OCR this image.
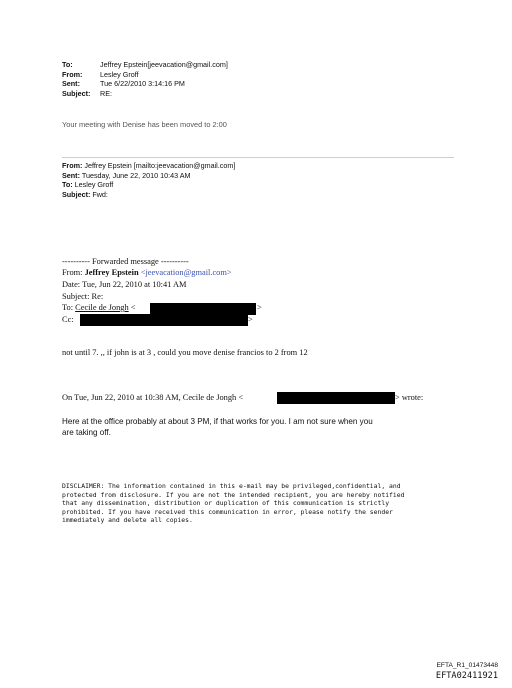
To:	Jeffrey Epstein[jeevacation@gmail.com]
From: Lesley Groff
Sent:	Tue 6/22/2010 3:14:16 PM
Subject: RE:
Your meeting with Denise has been moved to 2:00
From: Jeffrey Epstein [mailto:jeevacation@gmail.com]
Sent: Tuesday, June 22, 2010 10:43 AM
To: Lesley Groff
Subject: Fwd:
---------- Forwarded message ----------
From: Jeffrey Epstein <jeevacation@gmail.com>
Date: Tue, Jun 22, 2010 at 10:41 AM
Subject: Re:
To: Cecile de Jongh <	>
Cc:	>
not until 7. ,, if john is at 3 , could you move denise francios to 2 from 12
On Tue, Jun 22, 2010 at 10:38 AM, Cecile de Jongh <	> wrote:
Here at the office probably at about 3 PM, if that works for you. I am not sure when you
are taking off.
DISCLAIMER: The information contained in this e-mail may be privileged,confidential, and
protected from disclosure. If you are not the intended recipient, you are hereby notified
that any dissemination, distribution or duplication of this communication is strictly
prohibited. If you have received this communication in error, please notify the sender
immediately and delete all copies.
EFTA_R1_01473448
EFTA02411921
